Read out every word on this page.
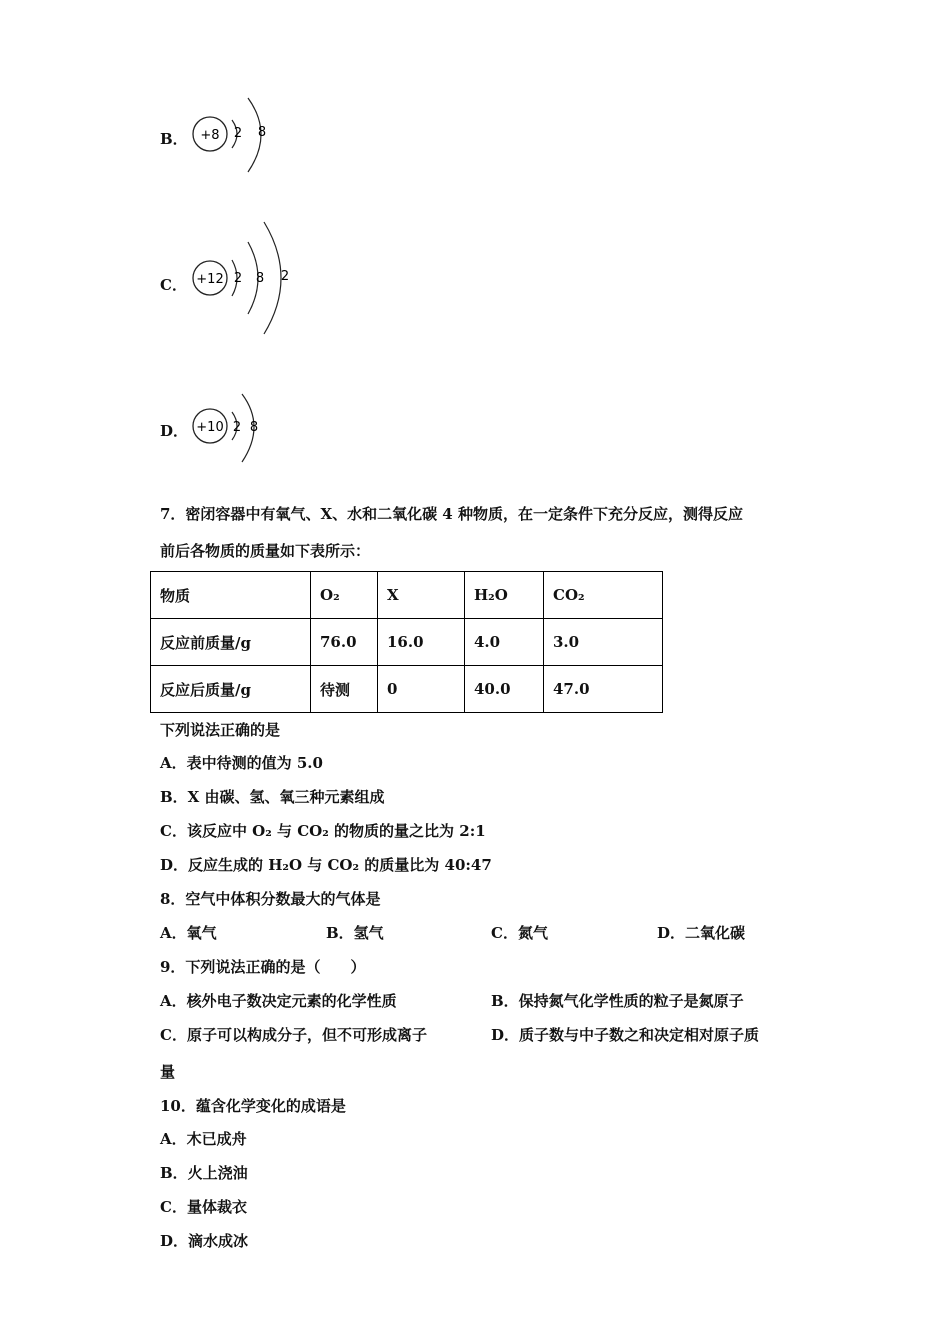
B． +8 2 8
C． +12 2 8 2
D． +10 2 8
7．密闭容器中有氧气、X、水和二氧化碳 4 种物质，在一定条件下充分反应，测得反应
前后各物质的质量如下表所示：
物质	O₂	X	H₂O	CO₂
反应前质量/g	76.0	16.0	4.0	3.0
反应后质量/g	待测	0	40.0	47.0
下列说法正确的是
A．表中待测的值为 5.0
B．X 由碳、氢、氧三种元素组成
C．该反应中 O₂ 与 CO₂ 的物质的量之比为 2:1
D．反应生成的 H₂O 与 CO₂ 的质量比为 40:47
8．空气中体积分数最大的气体是
A．氧气	B．氢气	C．氮气	D．二氧化碳
9．下列说法正确的是（　　）
A．核外电子数决定元素的化学性质	B．保持氮气化学性质的粒子是氮原子
C．原子可以构成分子，但不可形成离子	D．质子数与中子数之和决定相对原子质
量
10．蕴含化学变化的成语是
A．木已成舟
B．火上浇油
C．量体裁衣
D．滴水成冰
